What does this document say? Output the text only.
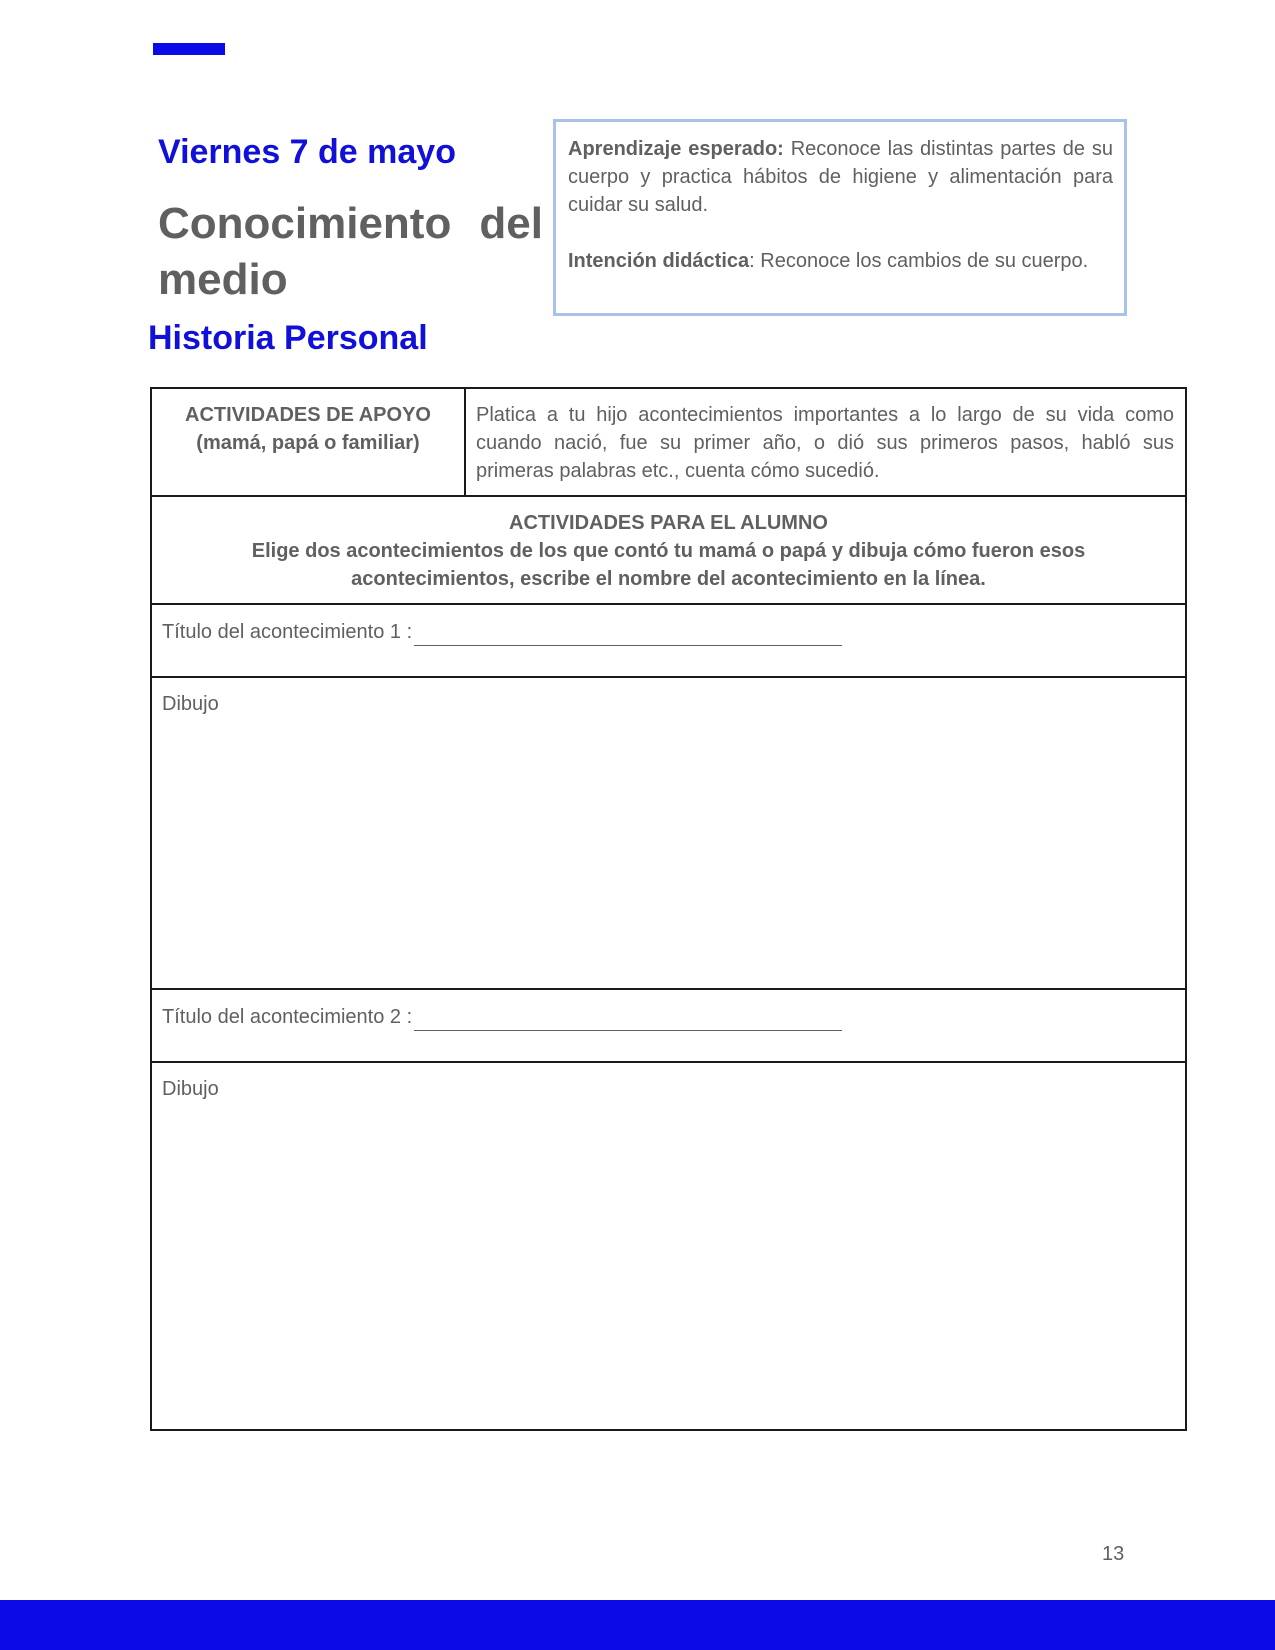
Viernes 7 de mayo
Conocimiento del
medio

Aprendizaje esperado: Reconoce las distintas partes de su cuerpo y practica hábitos de higiene y alimentación para cuidar su salud.

Intención didáctica: Reconoce los cambios de su cuerpo.

Historia Personal
ACTIVIDADES DE APOYO
(mamá, papá o familiar)
	Platica a tu hijo acontecimientos importantes a lo largo de su vida como cuando nació, fue su primer año, o dió sus primeros pasos, habló sus primeras palabras etc., cuenta cómo sucedió.

ACTIVIDADES PARA EL ALUMNO
Elige dos acontecimientos de los que contó tu mamá o papá y dibuja cómo fueron esos acontecimientos, escribe el nombre del acontecimiento en la línea.

Título del acontecimiento 1 :
Dibujo
Título del acontecimiento 2 :
Dibujo
13
